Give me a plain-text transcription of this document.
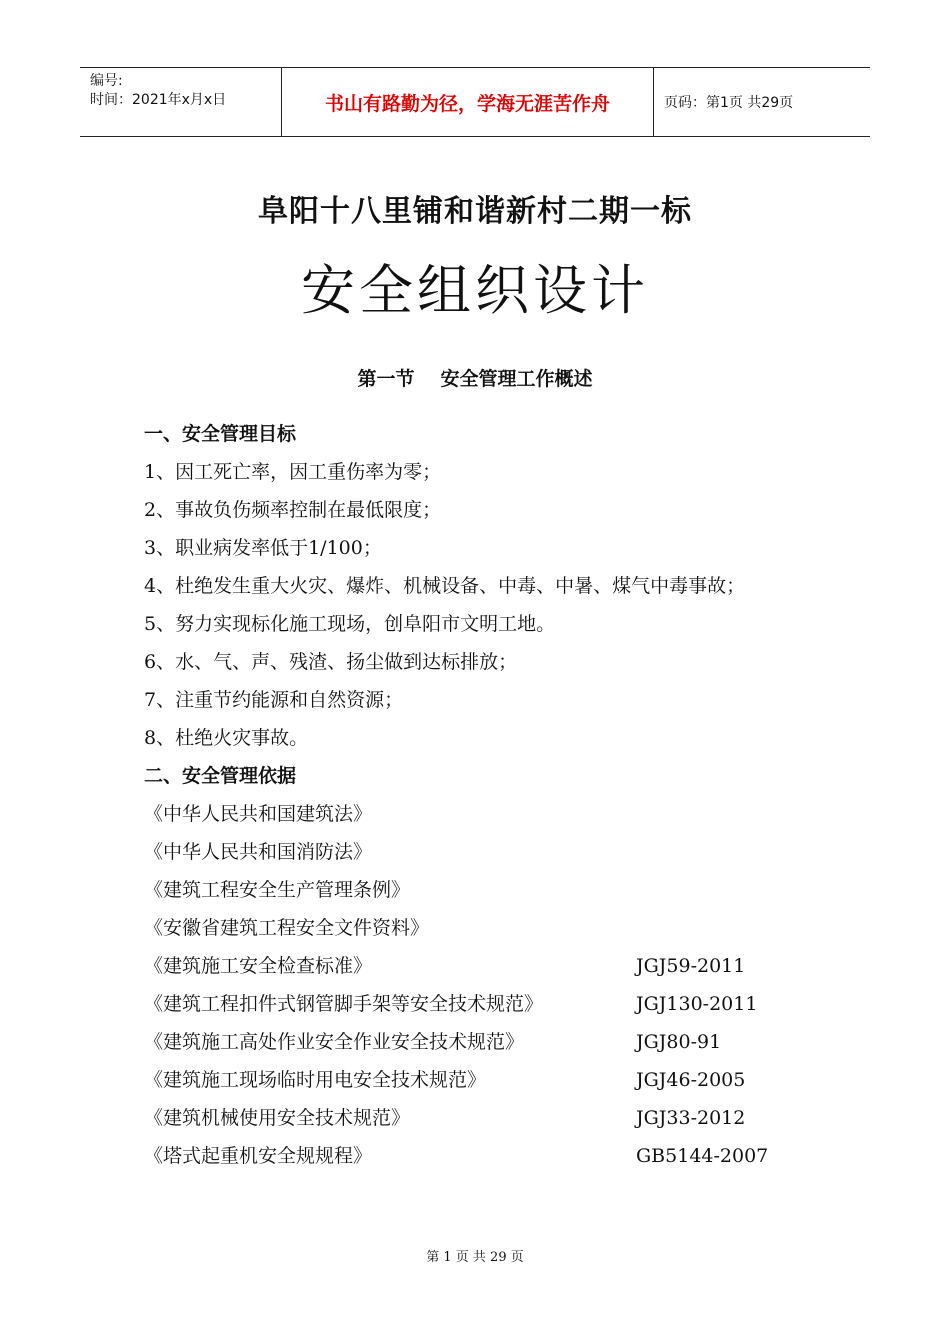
编号:
时间：2021年x月x日	书山有路勤为径，学海无涯苦作舟	页码：第1页 共29页
阜阳十八里铺和谐新村二期一标
安全组织设计
第一节 安全管理工作概述
一、安全管理目标
1、因工死亡率，因工重伤率为零；
2、事故负伤频率控制在最低限度；
3、职业病发率低于1/100；
4、杜绝发生重大火灾、爆炸、机械设备、中毒、中暑、煤气中毒事故；
5、努力实现标化施工现场，创阜阳市文明工地。
6、水、气、声、残渣、扬尘做到达标排放；
7、注重节约能源和自然资源；
8、杜绝火灾事故。
二、安全管理依据
《中华人民共和国建筑法》
《中华人民共和国消防法》
《建筑工程安全生产管理条例》
《安徽省建筑工程安全文件资料》
《建筑施工安全检查标准》	JGJ59-2011
《建筑工程扣件式钢管脚手架等安全技术规范》	JGJ130-2011
《建筑施工高处作业安全作业安全技术规范》	JGJ80-91
《建筑施工现场临时用电安全技术规范》	JGJ46-2005
《建筑机械使用安全技术规范》	JGJ33-2012
《塔式起重机安全规规程》	GB5144-2007
第 1 页 共 29 页
